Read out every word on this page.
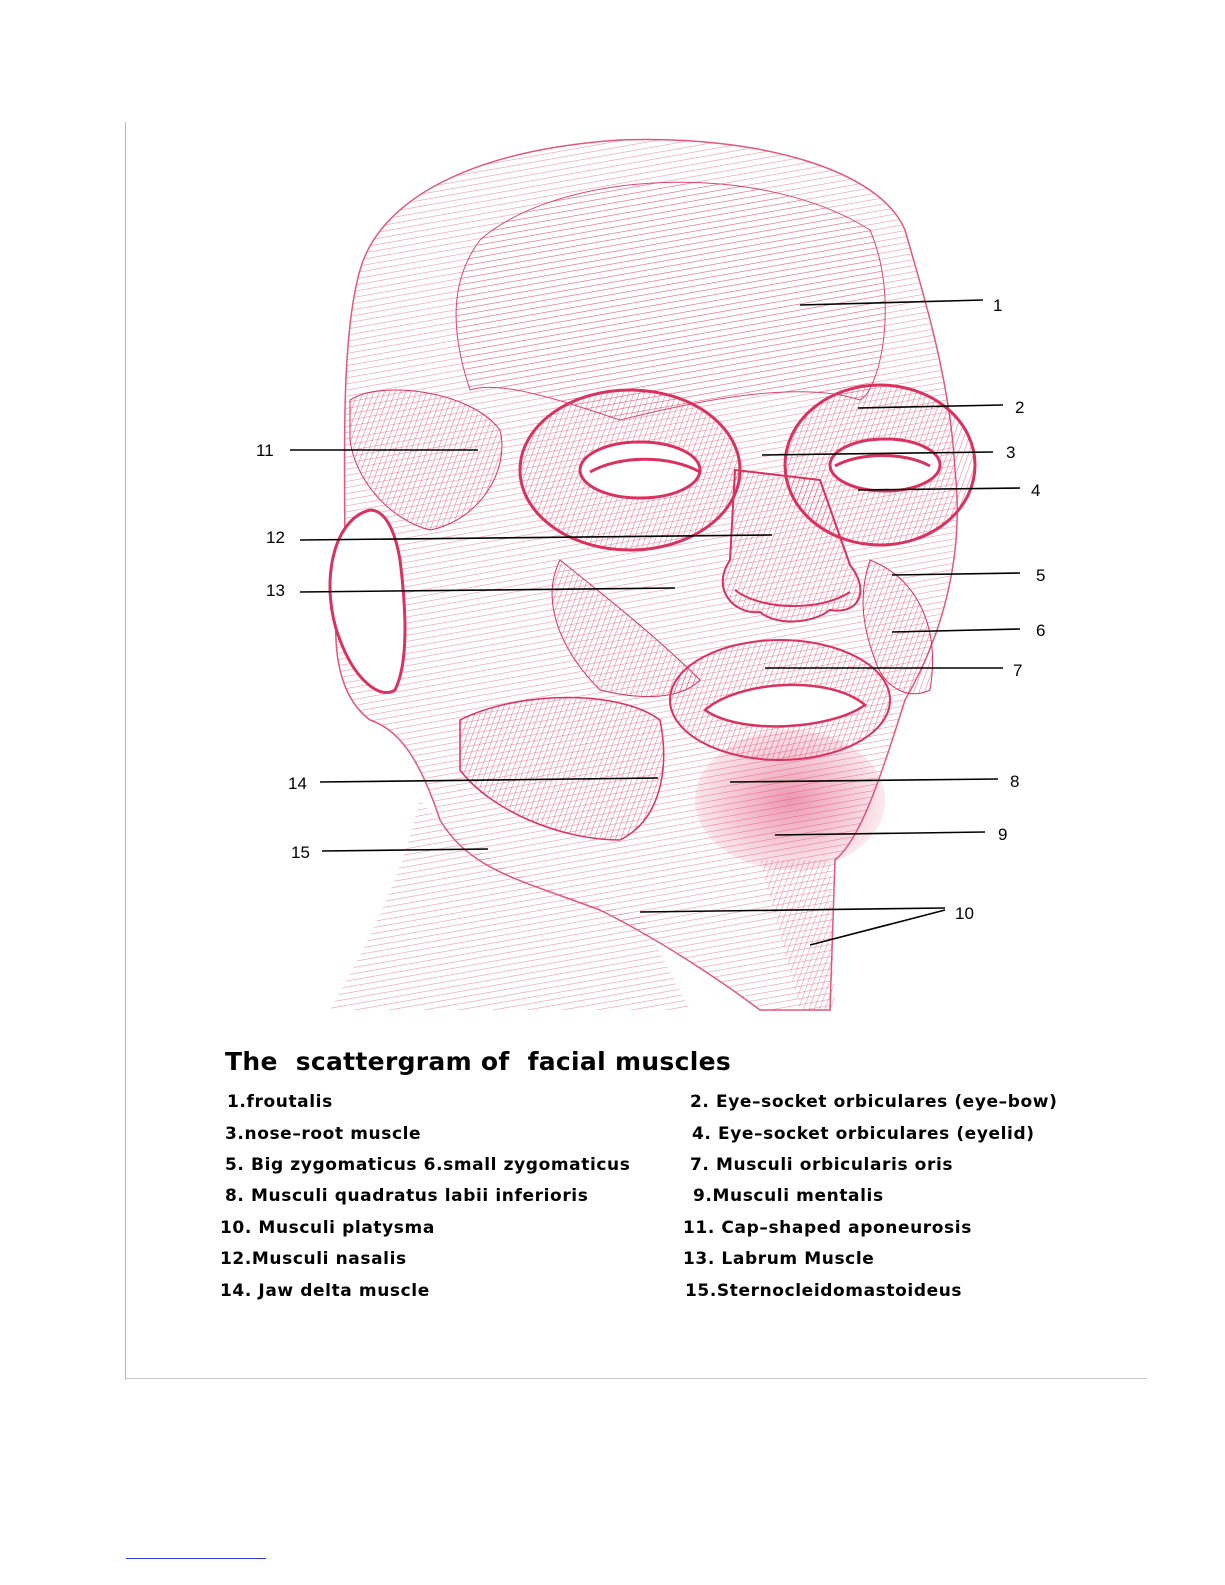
1
2
3
4
5
6
7
8
9
10
11
12
13
14
15
The  scattergram of  facial muscles
1.froutalis	2. Eye–socket orbiculares (eye–bow)
3.nose–root muscle	4. Eye–socket orbiculares (eyelid)
5. Big zygomaticus 6.small zygomaticus	7. Musculi orbicularis oris
8. Musculi quadratus labii inferioris	9.Musculi mentalis
10. Musculi platysma	11. Cap–shaped aponeurosis
12.Musculi nasalis	13. Labrum Muscle
14. Jaw delta muscle	15.Sternocleidomastoideus
